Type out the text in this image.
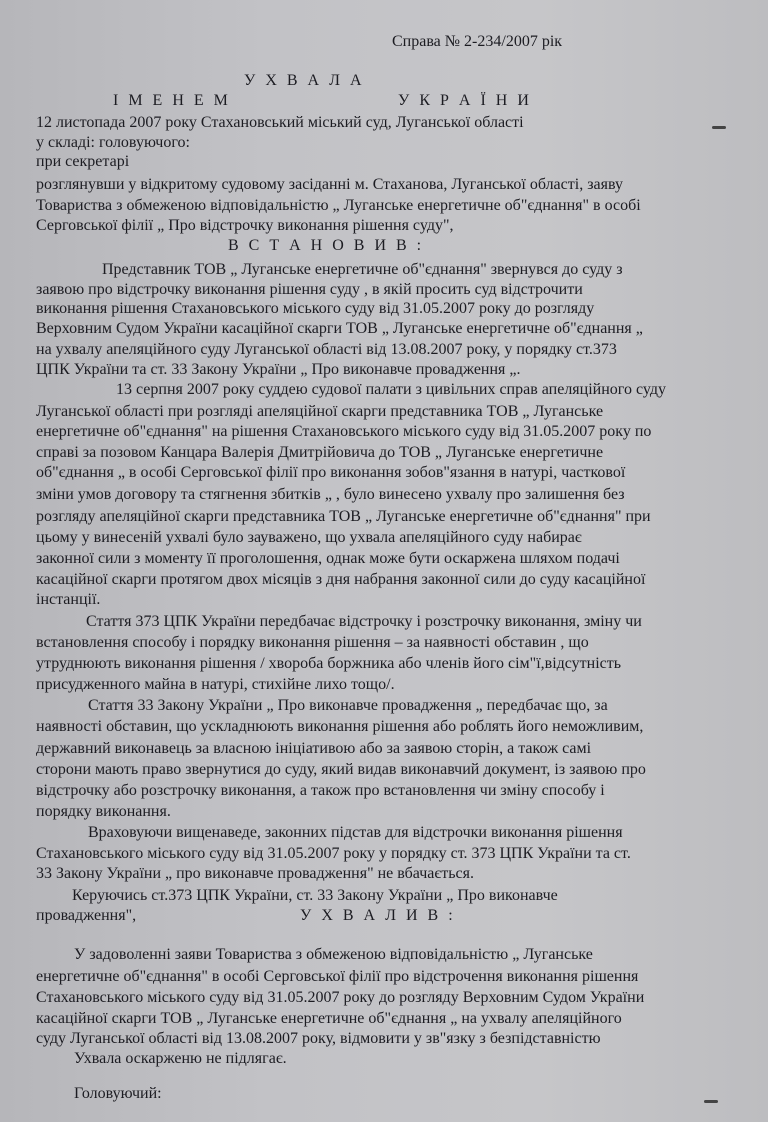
Справа № 2-234/2007 рік
У Х В А Л А
І М Е Н Е М	У К Р А Ї Н И
12 листопада 2007 року Стахановський міський суд, Луганської області
у складі: головуючого:
при секретарі
розглянувши у відкритому судовому засіданні м. Стаханова, Луганської області, заяву
Товариства з обмеженою відповідальністю „ Луганське енергетичне об"єднання" в особі
Серговської філії „ Про відстрочку виконання рішення суду",
В С Т А Н О В И В :
Представник ТОВ „ Луганське енергетичне об"єднання" звернувся до суду з
заявою про відстрочку виконання рішення суду , в якій просить суд відстрочити
виконання рішення Стахановського міського суду від 31.05.2007 року до розгляду
Верховним Судом України касаційної скарги ТОВ „ Луганське енергетичне об"єднання „
на ухвалу апеляційного суду Луганської області від 13.08.2007 року, у порядку ст.373
ЦПК України та ст. 33 Закону України „ Про виконавче провадження „.
13 серпня 2007 року суддею судової палати з цивільних справ апеляційного суду
Луганської області при розгляді апеляційної скарги представника ТОВ „ Луганське
енергетичне об"єднання" на рішення Стахановського міського суду від 31.05.2007 року по
справі за позовом Канцара Валерія Дмитрійовича до ТОВ „ Луганське енергетичне
об"єднання „ в особі Серговської філії про виконання зобов"язання в натурі, часткової
зміни умов договору та стягнення збитків „ , було винесено ухвалу про залишення без
розгляду апеляційної скарги представника ТОВ „ Луганське енергетичне об"єднання" при
цьому у винесеній ухвалі було зауважено, що ухвала апеляційного суду набирає
законної сили з моменту її проголошення, однак може бути оскаржена шляхом подачі
касаційної скарги протягом двох місяців з дня набрання законної сили до суду касаційної
інстанції.
Стаття 373 ЦПК України передбачає відстрочку і розстрочку виконання, зміну чи
встановлення способу і порядку виконання рішення – за наявності обставин , що
утруднюють виконання рішення / хвороба боржника або членів його сім"ї,відсутність
присудженного майна в натурі, стихійне лихо тощо/.
Стаття 33 Закону України „ Про виконавче провадження „ передбачає що, за
наявності обставин, що ускладнюють виконання рішення або роблять його неможливим,
державний виконавець за власною ініціативою або за заявою сторін, а також самі
сторони мають право звернутися до суду, який видав виконавчий документ, із заявою про
відстрочку або розстрочку виконання, а також про встановлення чи зміну способу і
порядку виконання.
Враховуючи вищенаведе, законних підстав для відстрочки виконання рішення
Стахановського міського суду від 31.05.2007 року у порядку ст. 373 ЦПК України та ст.
33 Закону України „ про виконавче провадження" не вбачається.
Керуючись ст.373 ЦПК України, ст. 33 Закону України „ Про виконавче
провадження",	У Х В А Л И В :
У задоволенні заяви Товариства з обмеженою відповідальністю „ Луганське
енергетичне об"єднання" в особі Серговської філії про відстрочення виконання рішення
Стахановського міського суду від 31.05.2007 року до розгляду Верховним Судом України
касаційної скарги ТОВ „ Луганське енергетичне об"єднання „ на ухвалу апеляційного
суду Луганської області від 13.08.2007 року, відмовити у зв"язку з безпідставністю
Ухвала оскарженю не підлягає.
Головуючий:
